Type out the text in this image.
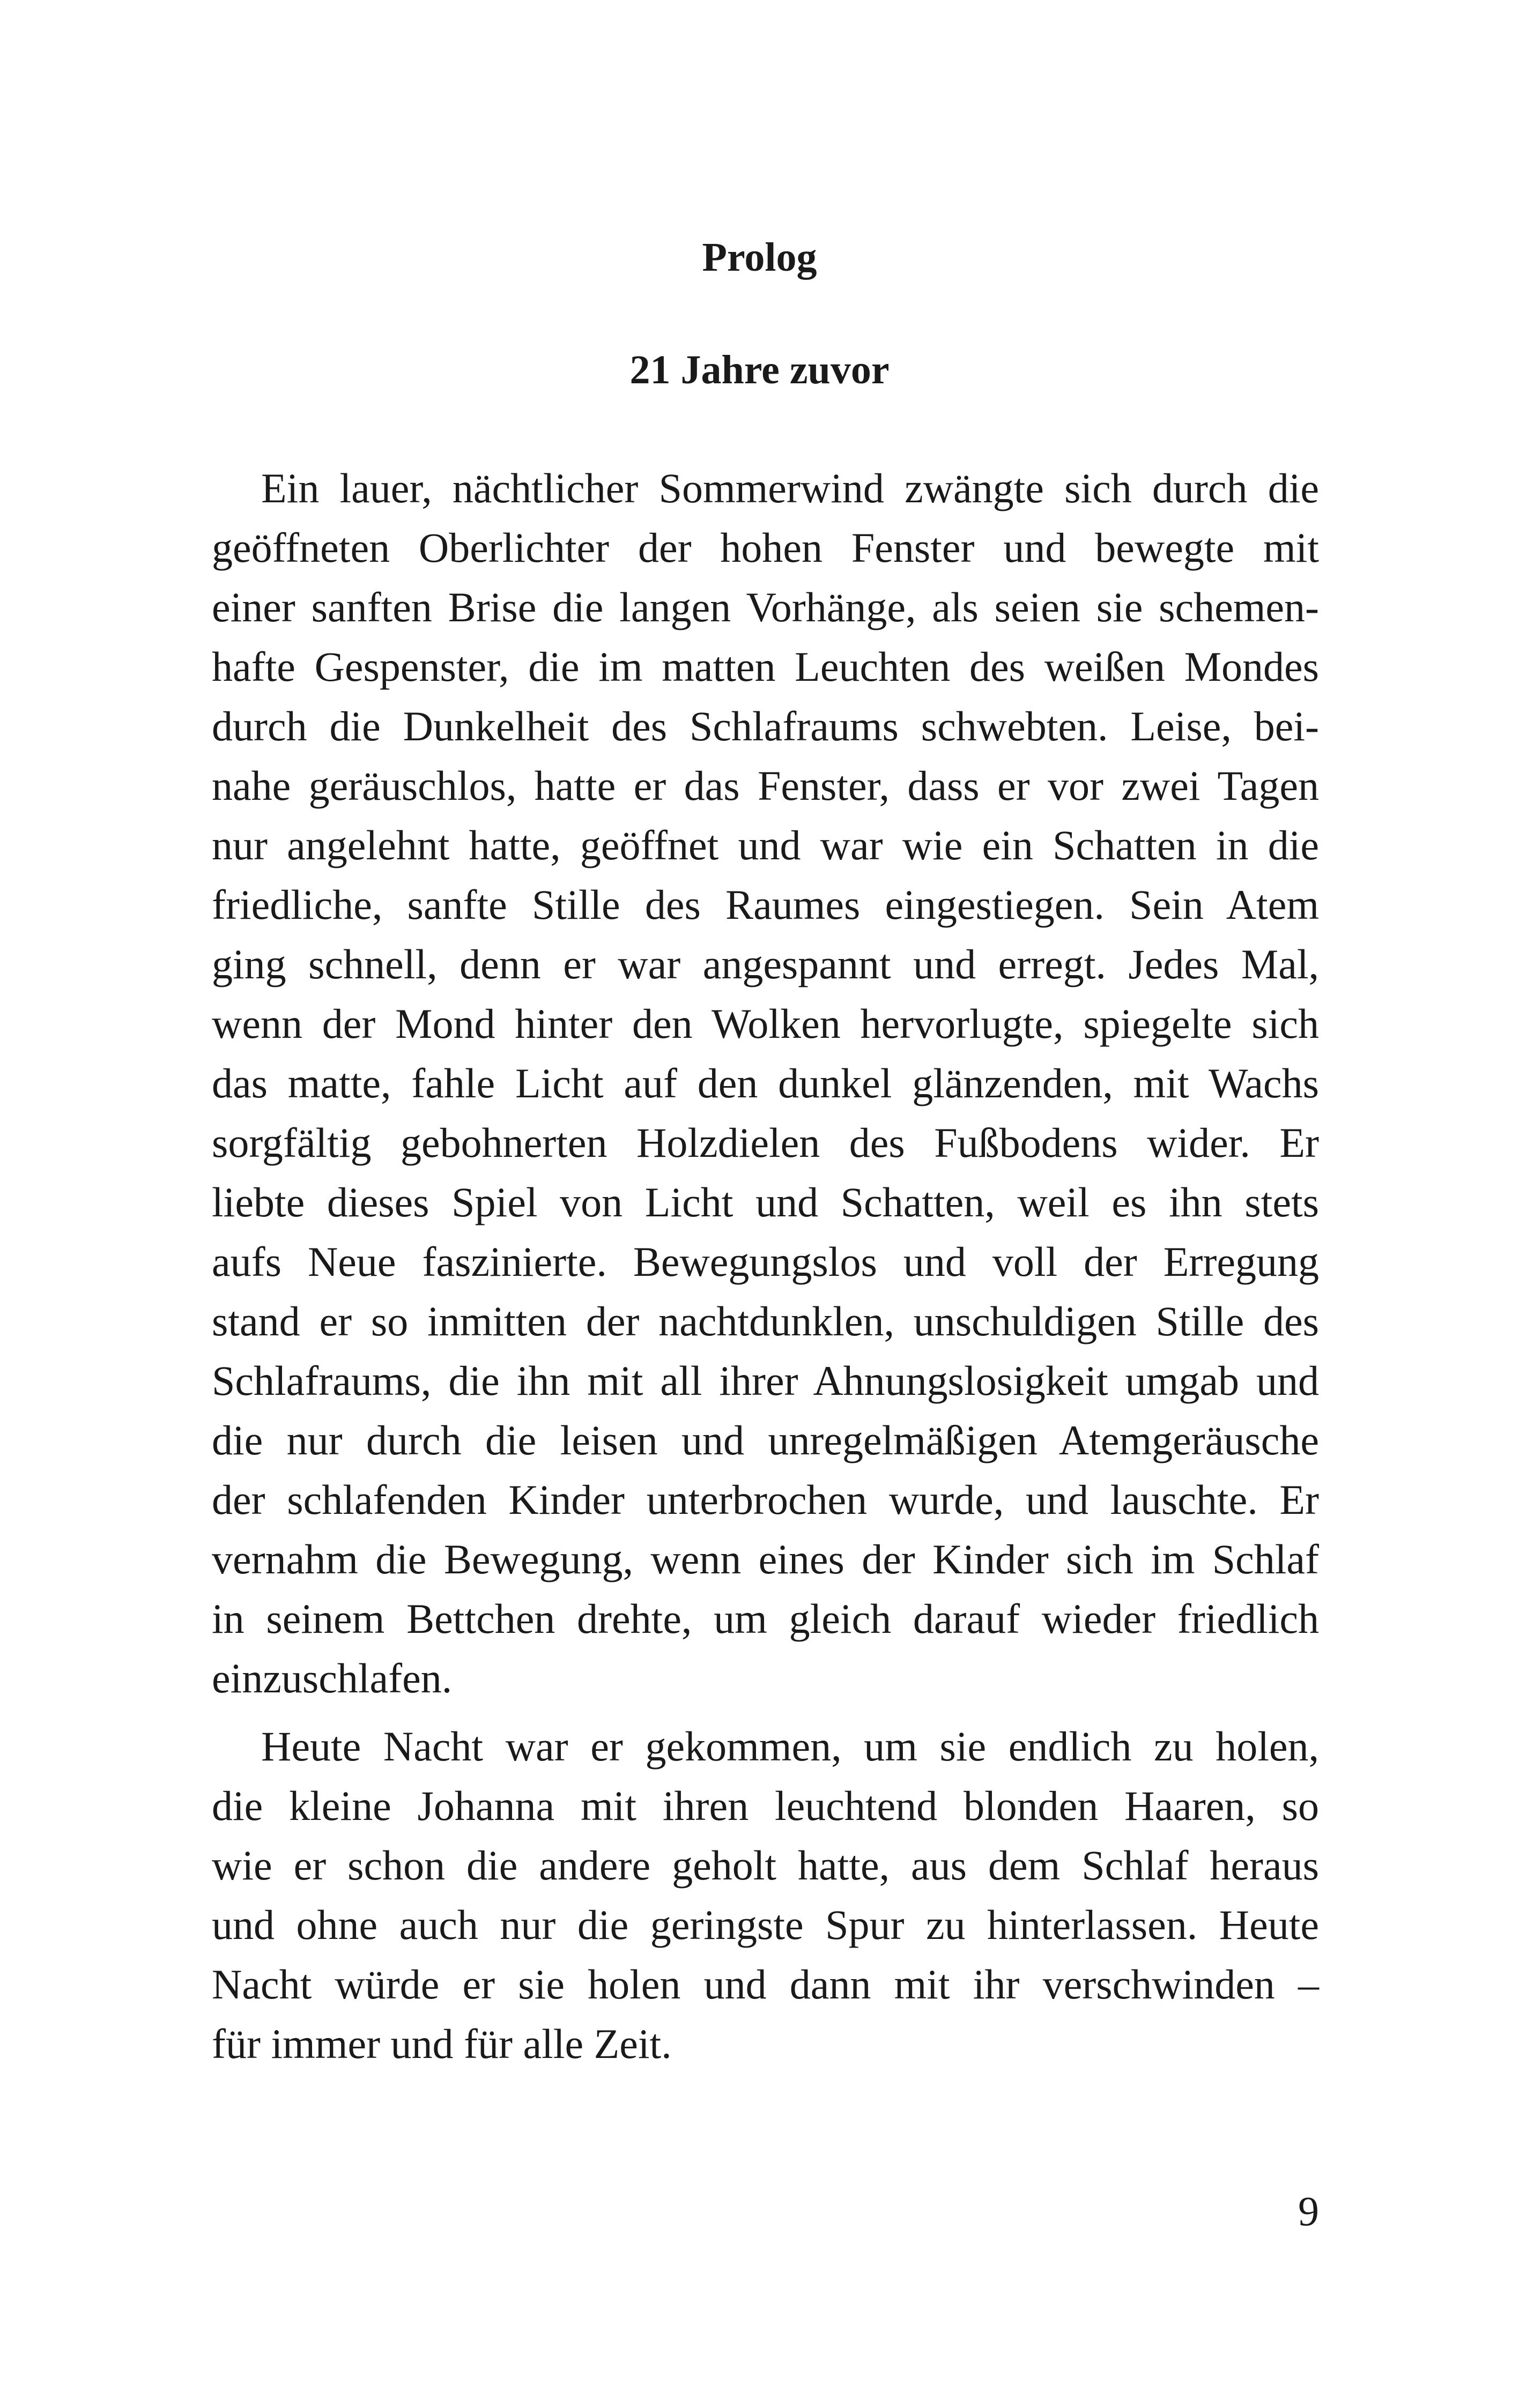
Prolog
21 Jahre zuvor
Ein lauer, nächtlicher Sommerwind zwängte sich durch die
geöffneten Oberlichter der hohen Fenster und bewegte mit
einer sanften Brise die langen Vorhänge, als seien sie schemen-
hafte Gespenster, die im matten Leuchten des weißen Mondes
durch die Dunkelheit des Schlafraums schwebten. Leise, bei-
nahe geräuschlos, hatte er das Fenster, dass er vor zwei Tagen
nur angelehnt hatte, geöffnet und war wie ein Schatten in die
friedliche, sanfte Stille des Raumes eingestiegen. Sein Atem
ging schnell, denn er war angespannt und erregt. Jedes Mal,
wenn der Mond hinter den Wolken hervorlugte, spiegelte sich
das matte, fahle Licht auf den dunkel glänzenden, mit Wachs
sorgfältig gebohnerten Holzdielen des Fußbodens wider. Er
liebte dieses Spiel von Licht und Schatten, weil es ihn stets
aufs Neue faszinierte. Bewegungslos und voll der Erregung
stand er so inmitten der nachtdunklen, unschuldigen Stille des
Schlafraums, die ihn mit all ihrer Ahnungslosigkeit umgab und
die nur durch die leisen und unregelmäßigen Atemgeräusche
der schlafenden Kinder unterbrochen wurde, und lauschte. Er
vernahm die Bewegung, wenn eines der Kinder sich im Schlaf
in seinem Bettchen drehte, um gleich darauf wieder friedlich
einzuschlafen.
Heute Nacht war er gekommen, um sie endlich zu holen,
die kleine Johanna mit ihren leuchtend blonden Haaren, so
wie er schon die andere geholt hatte, aus dem Schlaf heraus
und ohne auch nur die geringste Spur zu hinterlassen. Heute
Nacht würde er sie holen und dann mit ihr verschwinden –
für immer und für alle Zeit.
9
